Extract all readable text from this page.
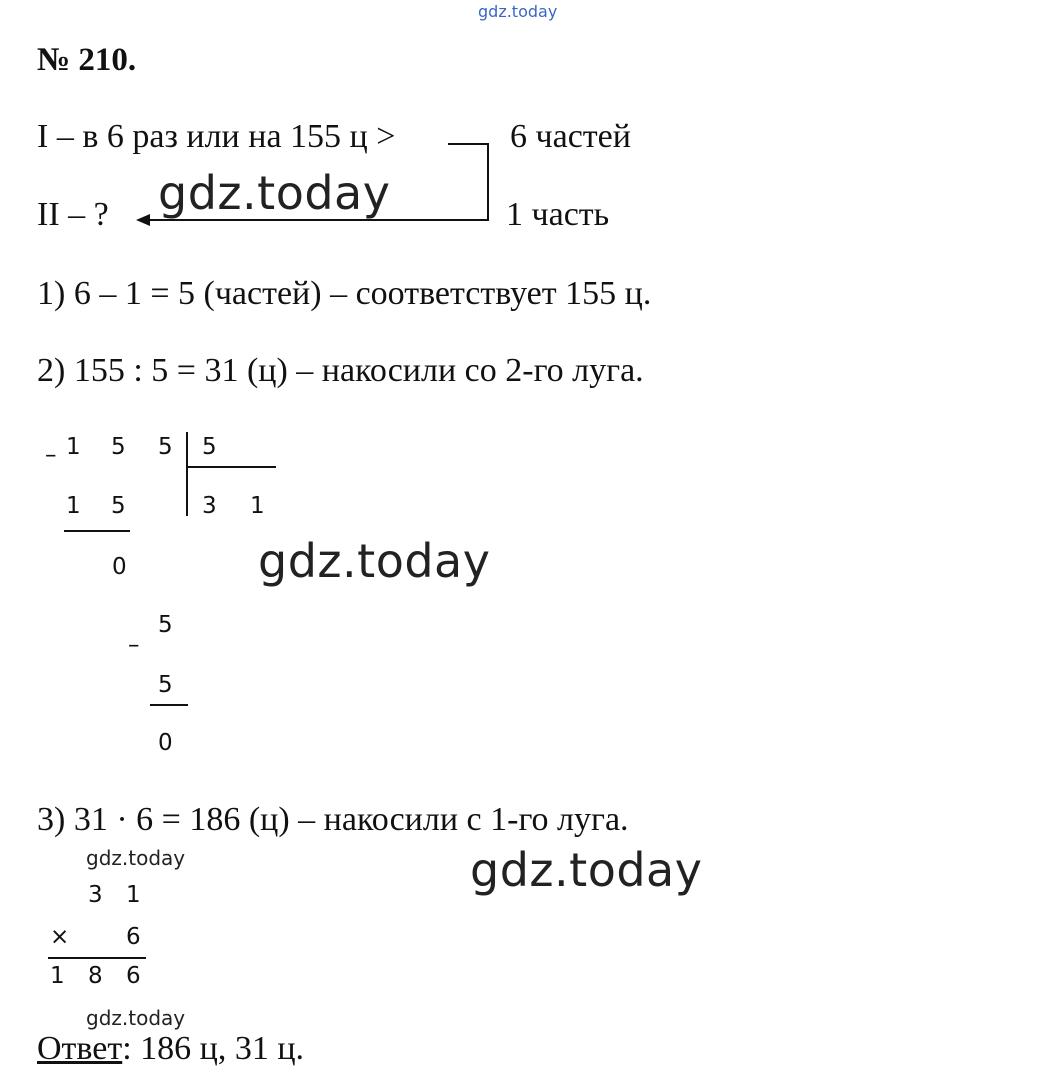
gdz.today
№ 210.
I – в 6 раз или на 155 ц >	6 частей
II – ?	1 часть
gdz.today
1) 6 – 1 = 5 (частей) – соответствует 155 ц.
2) 155 : 5 = 31 (ц) – накосили со 2-го луга.
– 1 5 5 5
3 1
1 5
0
–
5
5
0
gdz.today
3) 31 · 6 = 186 (ц) – накосили с 1-го луга.
gdz.today	gdz.today
3 1
× 6
1 8 6
gdz.today
Ответ: 186 ц, 31 ц.
